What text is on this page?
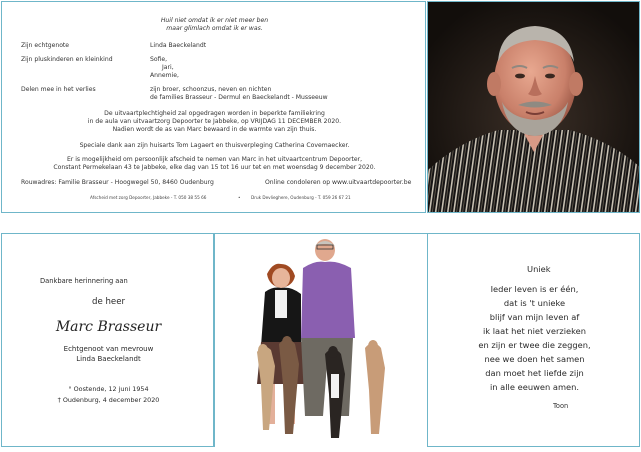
Huil niet omdat ik er niet meer ben
maar glimlach omdat ik er was.
Zijn echtgenote	Linda Baeckelandt
Zijn pluskinderen en kleinkind	Sofie,
Jari,
Annemie,
Delen mee in het verlies	zijn broer, schoonzus, neven en nichten
de families Brasseur - Dermul en Baeckelandt - Musseeuw
De uitvaartplechtigheid zal opgedragen worden in beperkte familiekring
in de aula van uitvaartzorg Depoorter te Jabbeke, op VRIJDAG 11 DECEMBER 2020.
Nadien wordt de as van Marc bewaard in de warmte van zijn thuis.
Speciale dank aan zijn huisarts Tom Lagaert en thuisverpleging Catherina Covemaecker.
Er is mogelijkheid om persoonlijk afscheid te nemen van Marc in het uitvaartcentrum Depoorter,
Constant Permekelaan 43 te Jabbeke, elke dag van 15 tot 16 uur tet en met woensdag 9 december 2020.
Rouwadres: Familie Brasseur - Hoogwegel 50, 8460 Oudenburg	Online condoleren op www.uitvaartdepoorter.be
Afscheid met zorg Depoorter, Jabbeke - T. 050 38 55 66	•	Druk Devlieghere, Oudenburg - T. 059 26 67 21
Dankbare herinnering aan
de heer
Marc Brasseur
Echtgenoot van mevrouw
Linda Baeckelandt
° Oostende, 12 juni 1954
† Oudenburg, 4 december 2020
Uniek
Ieder leven is er één,
dat is 't unieke
blijf van mijn leven af
ik laat het niet verzieken
en zijn er twee die zeggen,
nee we doen het samen
dan moet het liefde zijn
in alle eeuwen amen.
Toon
